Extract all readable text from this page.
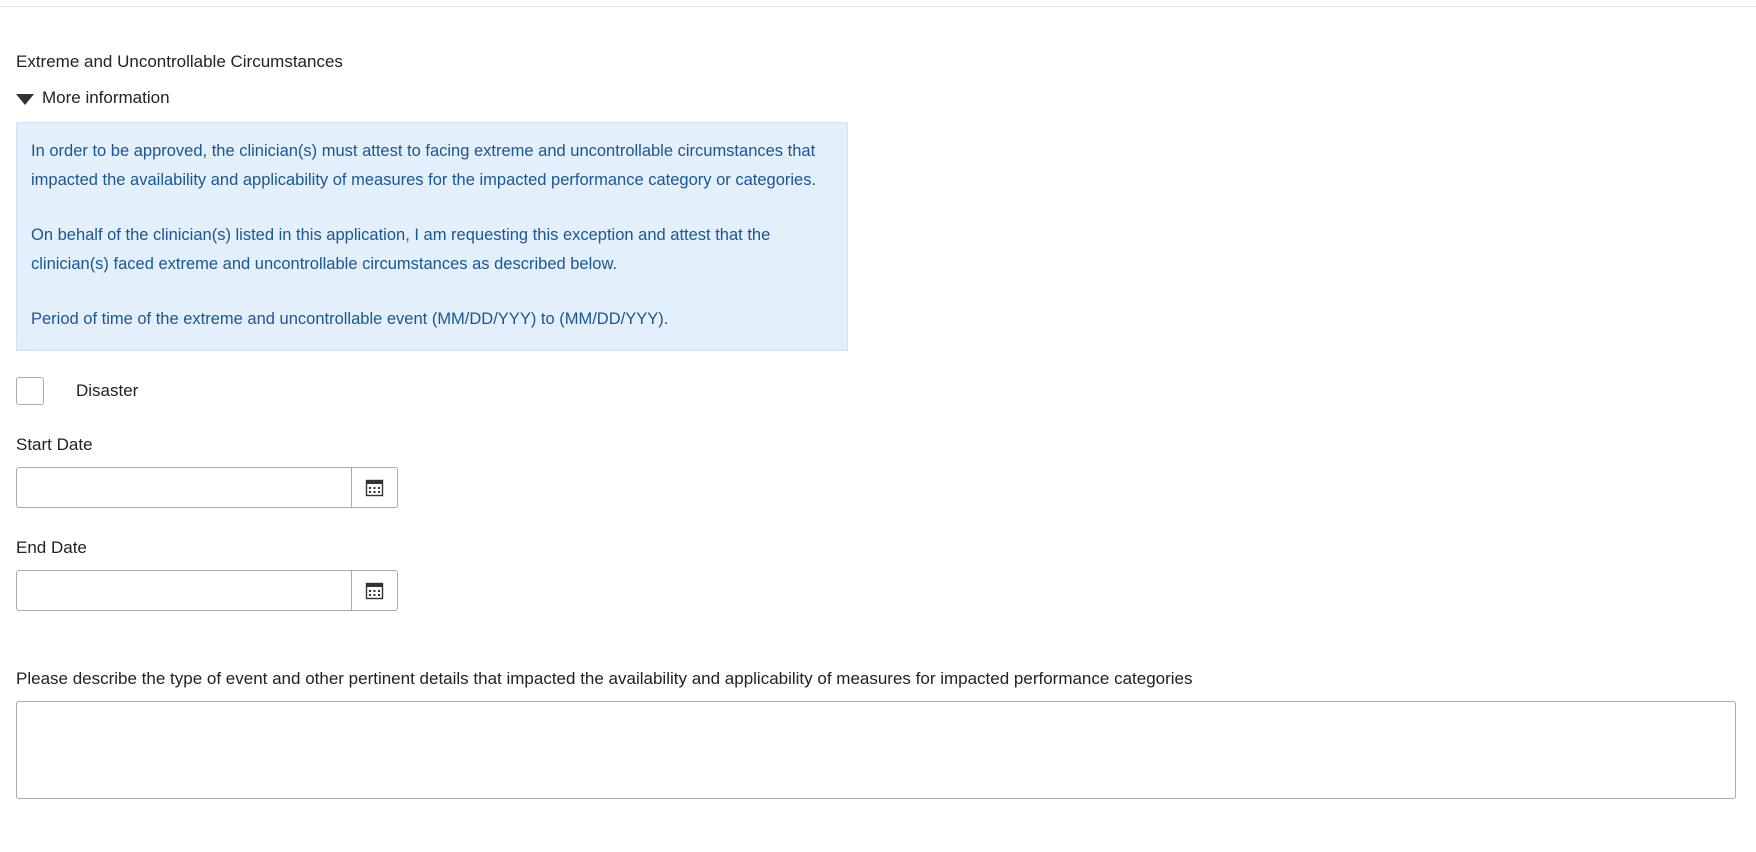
Extreme and Uncontrollable Circumstances
More information

In order to be approved, the clinician(s) must attest to facing extreme and uncontrollable circumstances that impacted the availability and applicability of measures for the impacted performance category or categories.

On behalf of the clinician(s) listed in this application, I am requesting this exception and attest that the clinician(s) faced extreme and uncontrollable circumstances as described below.

Period of time of the extreme and uncontrollable event (MM/DD/YYY) to (MM/DD/YYY).

Disaster
Start Date
End Date
Please describe the type of event and other pertinent details that impacted the availability and applicability of measures for impacted performance categories
